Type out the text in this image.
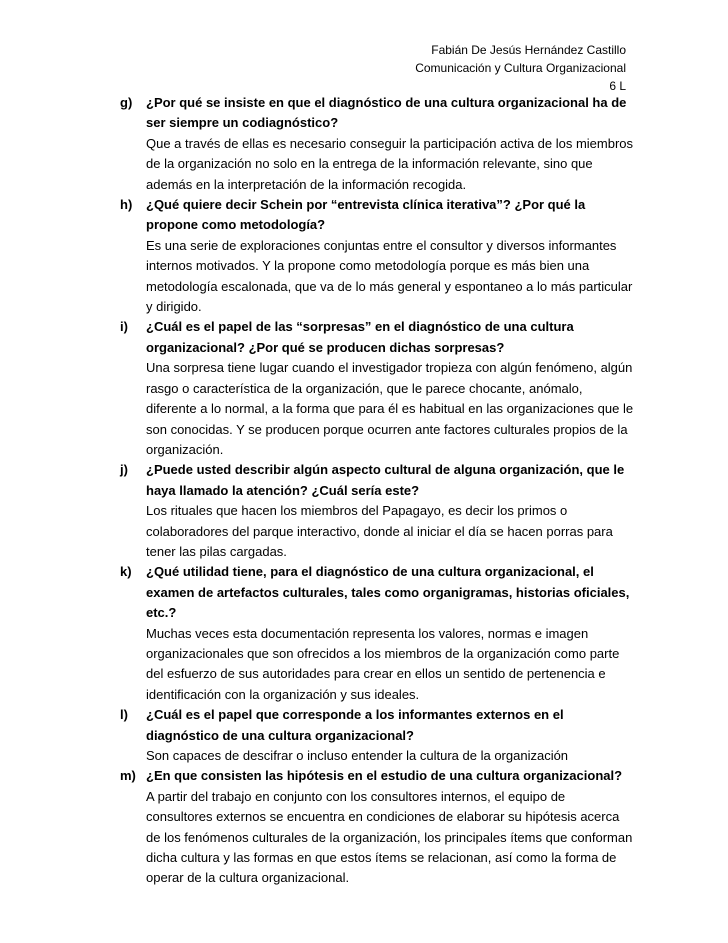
Fabián De Jesús Hernández Castillo
Comunicación y Cultura Organizacional
6 L
g) ¿Por qué se insiste en que el diagnóstico de una cultura organizacional ha de ser siempre un codiagnóstico?
Que a través de ellas es necesario conseguir la participación activa de los miembros de la organización no solo en la entrega de la información relevante, sino que además en la interpretación de la información recogida.
h) ¿Qué quiere decir Schein por “entrevista clínica iterativa”? ¿Por qué la propone como metodología?
Es una serie de exploraciones conjuntas entre el consultor y diversos informantes internos motivados. Y la propone como metodología porque es más bien una metodología escalonada, que va de lo más general y espontaneo a lo más particular y dirigido.
i) ¿Cuál es el papel de las “sorpresas” en el diagnóstico de una cultura organizacional? ¿Por qué se producen dichas sorpresas?
Una sorpresa tiene lugar cuando el investigador tropieza con algún fenómeno, algún rasgo o característica de la organización, que le parece chocante, anómalo, diferente a lo normal, a la forma que para él es habitual en las organizaciones que le son conocidas. Y se producen porque ocurren ante factores culturales propios de la organización.
j) ¿Puede usted describir algún aspecto cultural de alguna organización, que le haya llamado la atención? ¿Cuál sería este?
Los rituales que hacen los miembros del Papagayo, es decir los primos o colaboradores del parque interactivo, donde al iniciar el día se hacen porras para tener las pilas cargadas.
k) ¿Qué utilidad tiene, para el diagnóstico de una cultura organizacional, el examen de artefactos culturales, tales como organigramas, historias oficiales, etc.?
Muchas veces esta documentación representa los valores, normas e imagen organizacionales que son ofrecidos a los miembros de la organización como parte del esfuerzo de sus autoridades para crear en ellos un sentido de pertenencia e identificación con la organización y sus ideales.
l) ¿Cuál es el papel que corresponde a los informantes externos en el diagnóstico de una cultura organizacional?
Son capaces de descifrar o incluso entender la cultura de la organización
m) ¿En que consisten las hipótesis en el estudio de una cultura organizacional?
A partir del trabajo en conjunto con los consultores internos, el equipo de consultores externos se encuentra en condiciones de elaborar su hipótesis acerca de los fenómenos culturales de la organización, los principales ítems que conforman dicha cultura y las formas en que estos ítems se relacionan, así como la forma de operar de la cultura organizacional.
